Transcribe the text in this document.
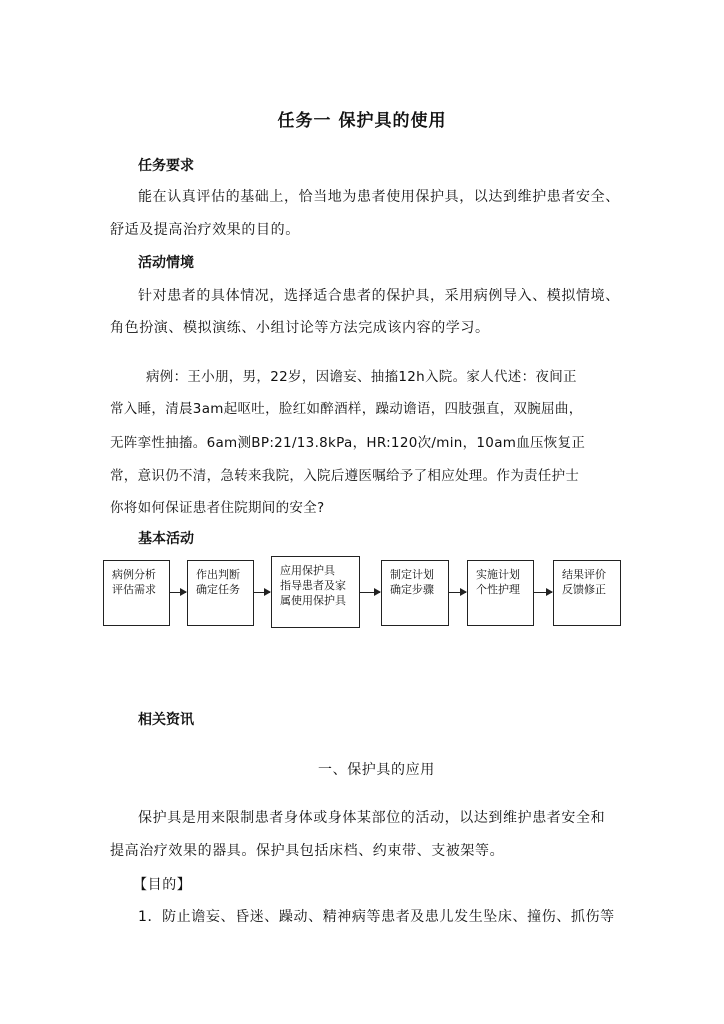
任务一 保护具的使用
任务要求
能在认真评估的基础上，恰当地为患者使用保护具，以达到维护患者安全、
舒适及提高治疗效果的目的。
活动情境
针对患者的具体情况，选择适合患者的保护具，采用病例导入、模拟情境、
角色扮演、模拟演练、小组讨论等方法完成该内容的学习。
病例：王小朋，男，22岁，因谵妄、抽搐12h入院。家人代述：夜间正
常入睡，清晨3am起呕吐，脸红如醉酒样，躁动谵语，四肢强直，双腕屈曲，
无阵挛性抽搐。6am测BP:21/13.8kPa，HR:120次/min，10am血压恢复正
常，意识仍不清，急转来我院，入院后遵医嘱给予了相应处理。作为责任护士
你将如何保证患者住院期间的安全?
基本活动
病例分析
评估需求
作出判断
确定任务
应用保护具
指导患者及家
属使用保护具
制定计划
确定步骤
实施计划
个性护理
结果评价
反馈修正
相关资讯
一、保护具的应用
保护具是用来限制患者身体或身体某部位的活动，以达到维护患者安全和
提高治疗效果的器具。保护具包括床档、约束带、支被架等。
【目的】
1．防止谵妄、昏迷、躁动、精神病等患者及患儿发生坠床、撞伤、抓伤等
